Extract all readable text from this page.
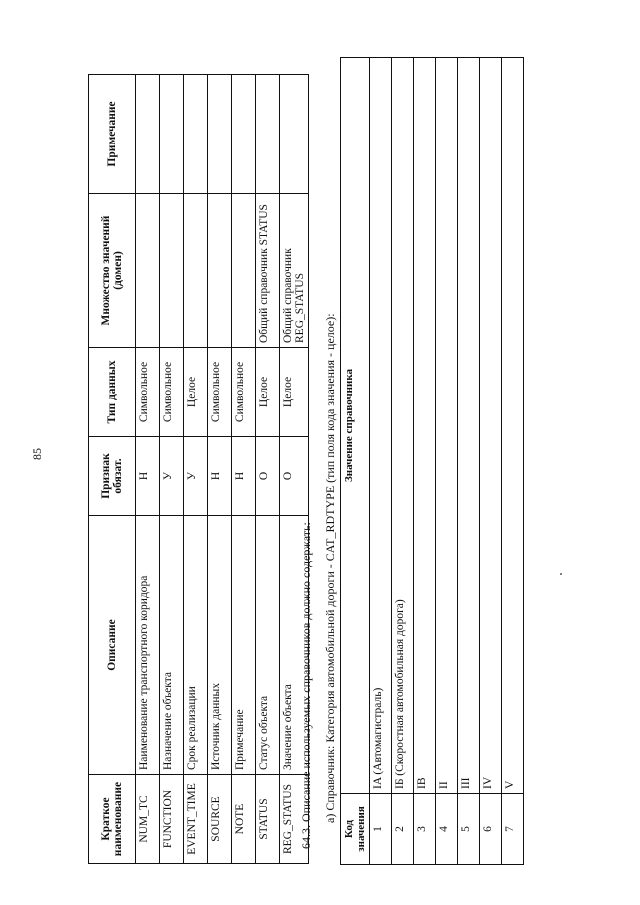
85
Краткое наименование	Описание	Признак обязат.	Тип данных	Множество значений (домен)	Примечание
NUM_TC	Наименование транспортного коридора	Н	Символьное		
FUNCTION	Назначение объекта	У	Символьное		
EVENT_TIME	Срок реализации	У	Целое		
SOURCE	Источник данных	Н	Символьное		
NOTE	Примечание	Н	Символьное		
STATUS	Статус объекта	О	Целое	Общий справочник STATUS	
REG_STATUS	Значение объекта	О	Целое	Общий справочник REG_STATUS	
64.3. Описание используемых справочников должно содержать: а) Справочник: Категория автомобильной дороги - CAT_RDTYPE (тип поля кода значения - целое):
Код значения	Значение справочника
1	IA (Автомагистраль)
2	IБ (Скоростная автомобильная дорога)
3	IB
4	II
5	III
6	IV
7	V
